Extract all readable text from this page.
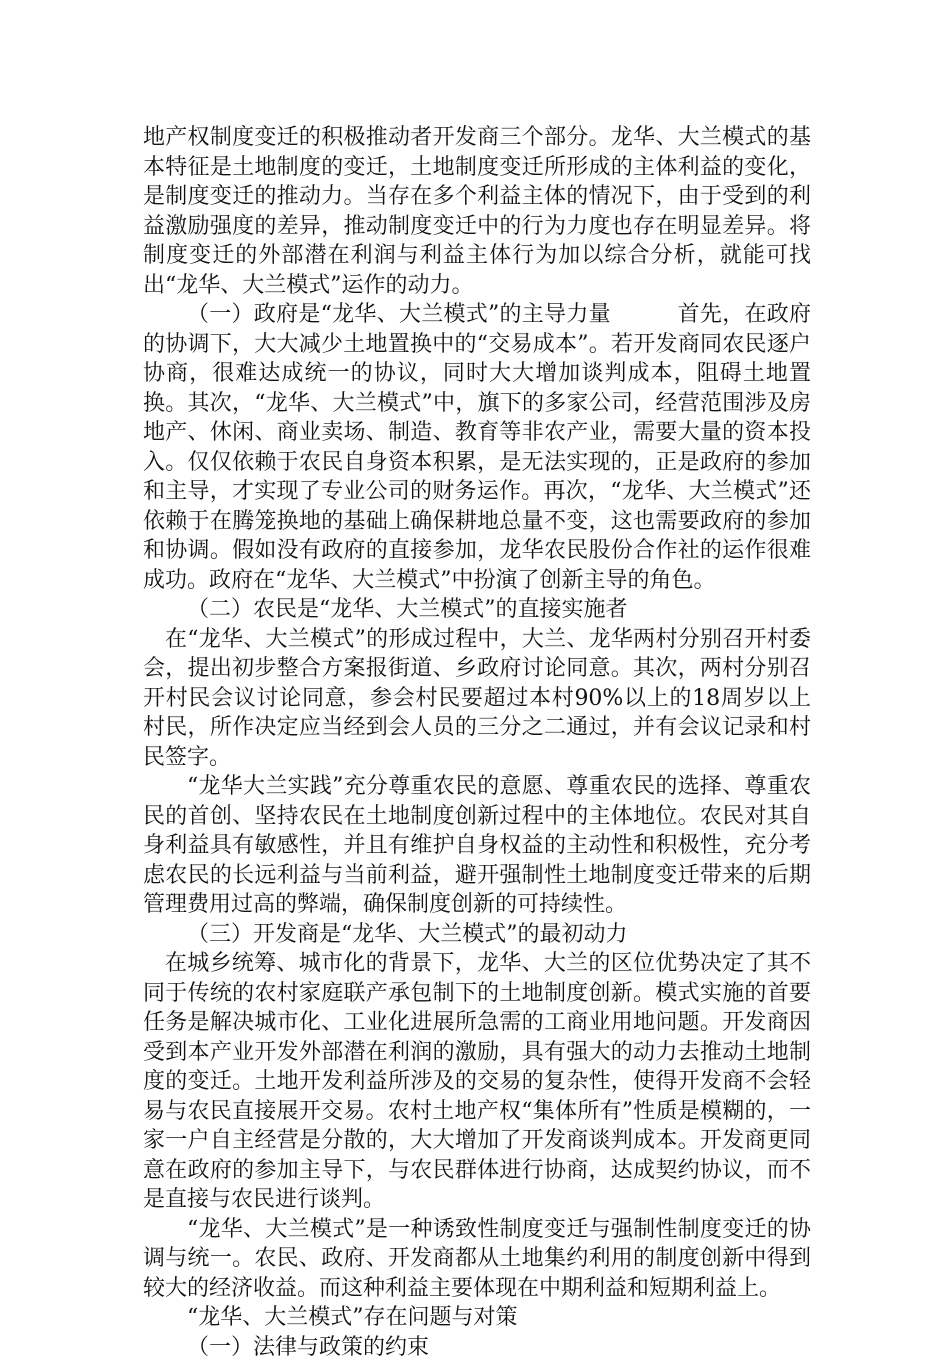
地产权制度变迁的积极推动者开发商三个部分。龙华、大兰模式的基本特征是土地制度的变迁，土地制度变迁所形成的主体利益的变化，是制度变迁的推动力。当存在多个利益主体的情况下，由于受到的利益激励强度的差异，推动制度变迁中的行为力度也存在明显差异。将制度变迁的外部潜在利润与利益主体行为加以综合分析，就能可找出“龙华、大兰模式”运作的动力。

（一）政府是“龙华、大兰模式”的主导力量　　　首先，在政府的协调下，大大减少土地置换中的“交易成本”。若开发商同农民逐户协商，很难达成统一的协议，同时大大增加谈判成本，阻碍土地置换。其次，“龙华、大兰模式”中，旗下的多家公司，经营范围涉及房地产、休闲、商业卖场、制造、教育等非农产业，需要大量的资本投入。仅仅依赖于农民自身资本积累，是无法实现的，正是政府的参加和主导，才实现了专业公司的财务运作。再次，“龙华、大兰模式”还依赖于在腾笼换地的基础上确保耕地总量不变，这也需要政府的参加和协调。假如没有政府的直接参加，龙华农民股份合作社的运作很难成功。政府在“龙华、大兰模式”中扮演了创新主导的角色。

（二）农民是“龙华、大兰模式”的直接实施者

在“龙华、大兰模式”的形成过程中，大兰、龙华两村分别召开村委会，提出初步整合方案报街道、乡政府讨论同意。其次，两村分别召开村民会议讨论同意，参会村民要超过本村90%以上的18周岁以上村民，所作决定应当经到会人员的三分之二通过，并有会议记录和村民签字。

“龙华大兰实践”充分尊重农民的意愿、尊重农民的选择、尊重农民的首创、坚持农民在土地制度创新过程中的主体地位。农民对其自身利益具有敏感性，并且有维护自身权益的主动性和积极性，充分考虑农民的长远利益与当前利益，避开强制性土地制度变迁带来的后期管理费用过高的弊端，确保制度创新的可持续性。

（三）开发商是“龙华、大兰模式”的最初动力

在城乡统筹、城市化的背景下，龙华、大兰的区位优势决定了其不同于传统的农村家庭联产承包制下的土地制度创新。模式实施的首要任务是解决城市化、工业化进展所急需的工商业用地问题。开发商因受到本产业开发外部潜在利润的激励，具有强大的动力去推动土地制度的变迁。土地开发利益所涉及的交易的复杂性，使得开发商不会轻易与农民直接展开交易。农村土地产权“集体所有”性质是模糊的，一家一户自主经营是分散的，大大增加了开发商谈判成本。开发商更同意在政府的参加主导下，与农民群体进行协商，达成契约协议，而不是直接与农民进行谈判。

“龙华、大兰模式”是一种诱致性制度变迁与强制性制度变迁的协调与统一。农民、政府、开发商都从土地集约利用的制度创新中得到较大的经济收益。而这种利益主要体现在中期利益和短期利益上。

“龙华、大兰模式”存在问题与对策

（一）法律与政策的约束
